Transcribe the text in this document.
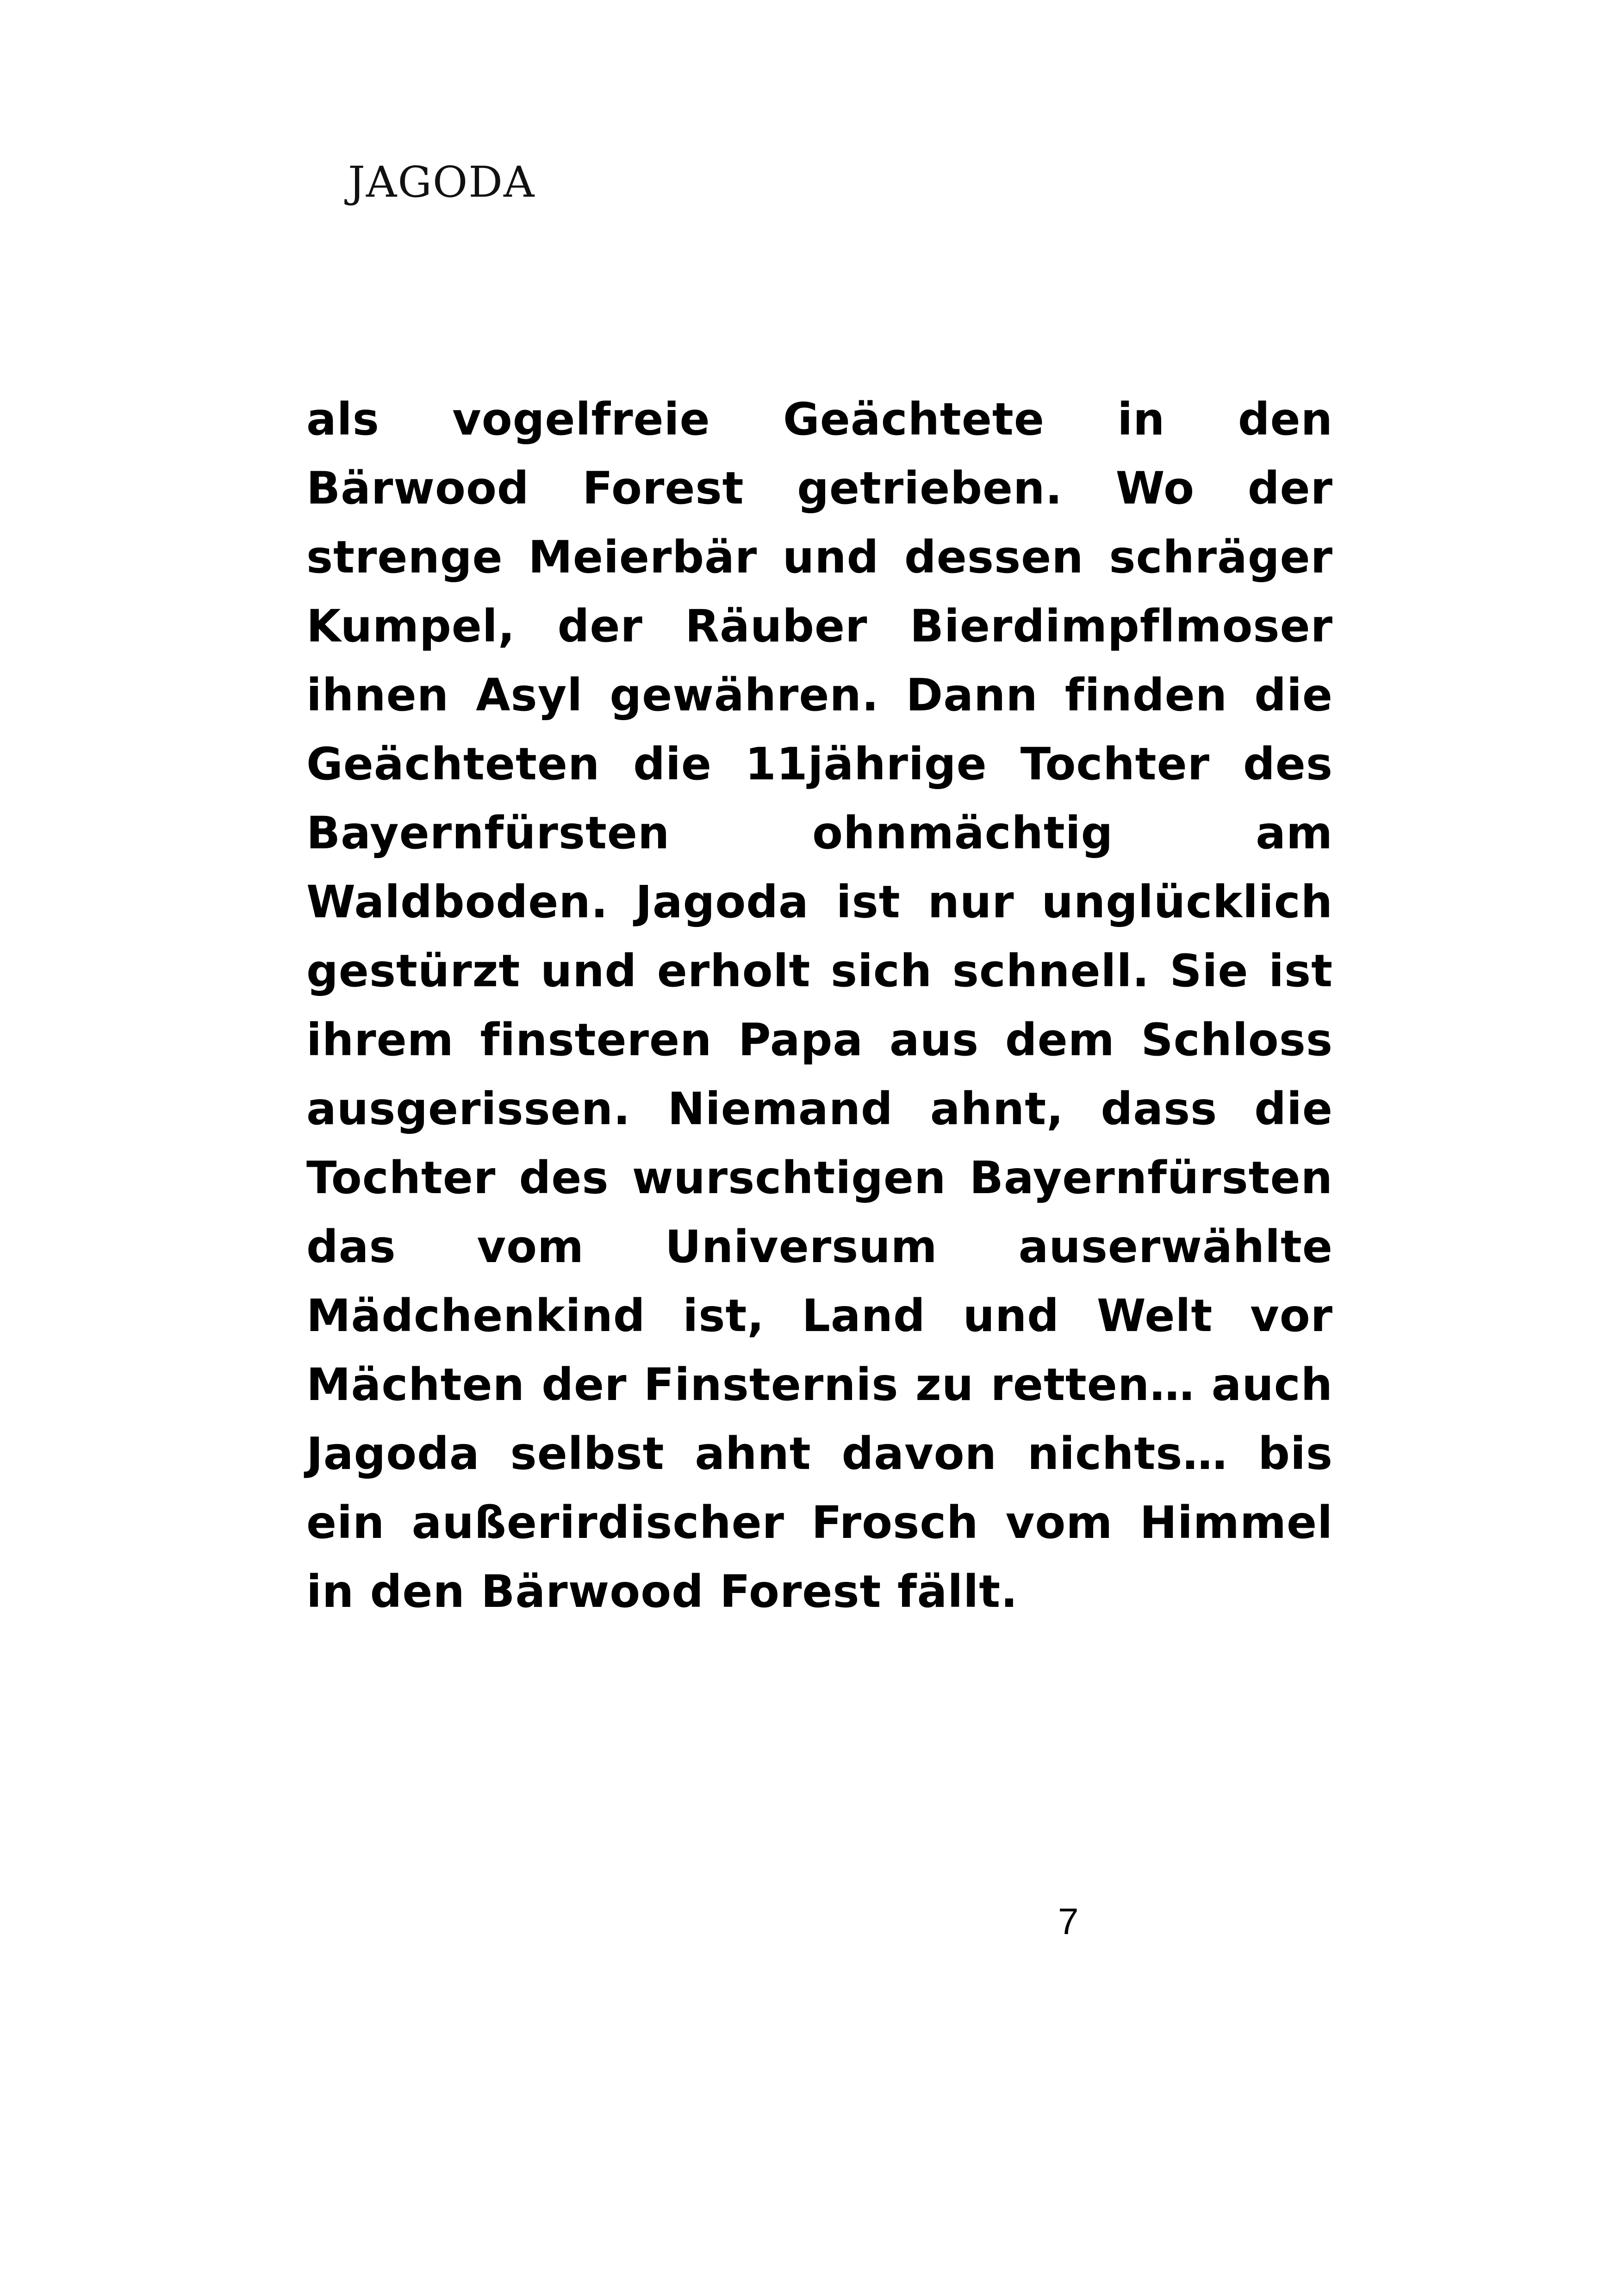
JAGODA

als vogelfreie Geächtete in den Bärwood Forest getrieben. Wo der strenge Meierbär und dessen schräger Kumpel, der Räuber Bierdimpflmoser ihnen Asyl gewähren. Dann finden die Geächteten die 11jährige Tochter des Bayernfürsten ohnmächtig am Waldboden. Jagoda ist nur unglücklich gestürzt und erholt sich schnell. Sie ist ihrem finsteren Papa aus dem Schloss ausgerissen. Niemand ahnt, dass die Tochter des wurschtigen Bayernfürsten das vom Universum auserwählte Mädchenkind ist, Land und Welt vor Mächten der Finsternis zu retten… auch Jagoda selbst ahnt davon nichts… bis ein außerirdischer Frosch vom Himmel in den Bärwood Forest fällt.

7
